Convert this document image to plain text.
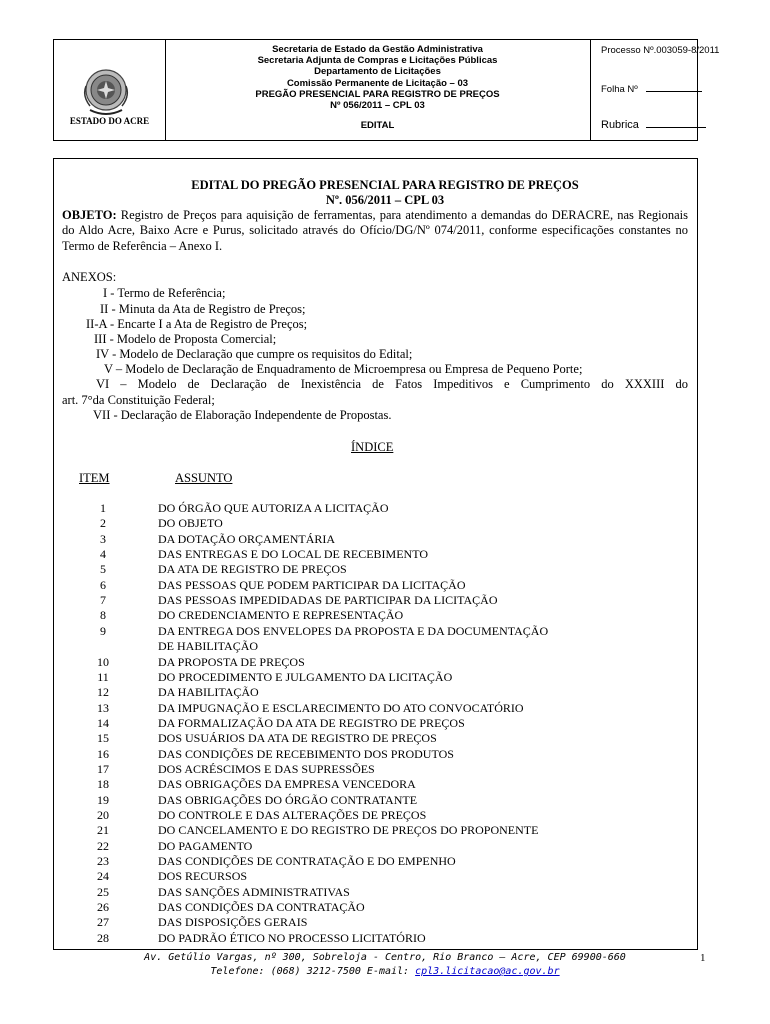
ESTADO DO ACRE
Secretaria de Estado da Gestão Administrativa
Secretaria Adjunta de Compras e Licitações Públicas
Departamento de Licitações
Comissão Permanente de Licitação – 03
PREGÃO PRESENCIAL PARA REGISTRO DE PREÇOS
Nº 056/2011 – CPL 03
EDITAL
Processo Nº.003059-8/2011
Folha Nº
Rubrica
EDITAL DO PREGÃO PRESENCIAL PARA REGISTRO DE PREÇOS
Nº. 056/2011 – CPL 03
OBJETO: Registro de Preços para aquisição de ferramentas, para atendimento a demandas do DERACRE, nas Regionais do Aldo Acre, Baixo Acre e Purus, solicitado através do Ofício/DG/Nº 074/2011, conforme especificações constantes no Termo de Referência – Anexo I.
ANEXOS:
I - Termo de Referência;
II - Minuta da Ata de Registro de Preços;
II-A - Encarte I a Ata de Registro de Preços;
III - Modelo de Proposta Comercial;
IV - Modelo de Declaração que cumpre os requisitos do Edital;
V – Modelo de Declaração de Enquadramento de Microempresa ou Empresa de Pequeno Porte;
VI – Modelo de Declaração de Inexistência de Fatos Impeditivos e Cumprimento do XXXIII do
art. 7°da Constituição Federal;
VII - Declaração de Elaboração Independente de Propostas.
ÍNDICE
ITEM	ASSUNTO
1	DO ÓRGÃO QUE AUTORIZA A LICITAÇÃO
2	DO OBJETO
3	DA DOTAÇÃO ORÇAMENTÁRIA
4	DAS ENTREGAS E DO LOCAL DE RECEBIMENTO
5	DA ATA DE REGISTRO DE PREÇOS
6	DAS PESSOAS QUE PODEM PARTICIPAR DA LICITAÇÃO
7	DAS PESSOAS IMPEDIDADAS DE PARTICIPAR DA LICITAÇÃO
8	DO CREDENCIAMENTO E REPRESENTAÇÃO
9	DA ENTREGA DOS ENVELOPES DA PROPOSTA E DA DOCUMENTAÇÃO
DE HABILITAÇÃO
10	DA PROPOSTA DE PREÇOS
11	DO PROCEDIMENTO E JULGAMENTO DA LICITAÇÃO
12	DA HABILITAÇÃO
13	DA IMPUGNAÇÃO E ESCLARECIMENTO DO ATO CONVOCATÓRIO
14	DA FORMALIZAÇÃO DA ATA DE REGISTRO DE PREÇOS
15	DOS USUÁRIOS DA ATA DE REGISTRO DE PREÇOS
16	DAS CONDIÇÕES DE RECEBIMENTO DOS PRODUTOS
17	DOS ACRÉSCIMOS E DAS SUPRESSÕES
18	DAS OBRIGAÇÕES DA EMPRESA VENCEDORA
19	DAS OBRIGAÇÕES DO ÓRGÃO CONTRATANTE
20	DO CONTROLE E DAS ALTERAÇÕES DE PREÇOS
21	DO CANCELAMENTO E DO REGISTRO DE PREÇOS DO PROPONENTE
22	DO PAGAMENTO
23	DAS CONDIÇÕES DE CONTRATAÇÃO E DO EMPENHO
24	DOS RECURSOS
25	DAS SANÇÕES ADMINISTRATIVAS
26	DAS CONDIÇÕES DA CONTRATAÇÃO
27	DAS DISPOSIÇÕES GERAIS
28	DO PADRÃO ÉTICO NO PROCESSO LICITATÓRIO
Av. Getúlio Vargas, nº 300, Sobreloja - Centro, Rio Branco – Acre, CEP 69900-660
Telefone: (068) 3212-7500 E-mail: cpl3.licitacao@ac.gov.br
1
